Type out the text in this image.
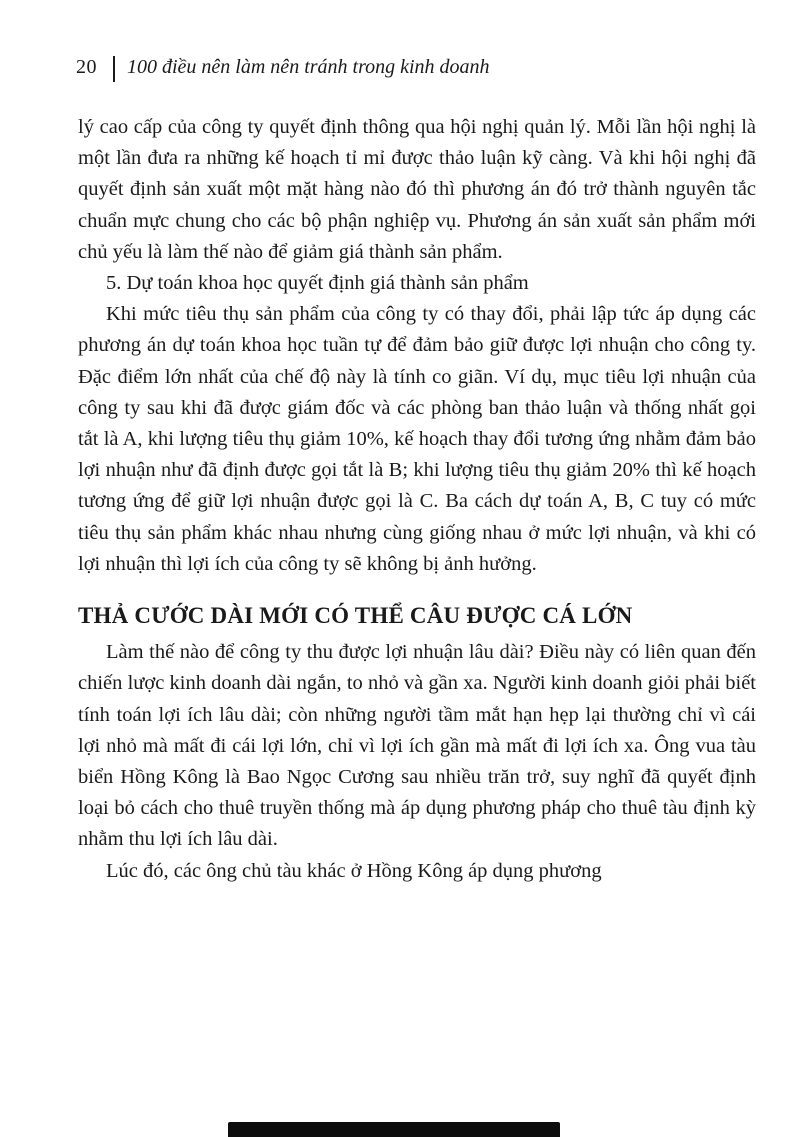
20 100 điều nên làm nên tránh trong kinh doanh

lý cao cấp của công ty quyết định thông qua hội nghị quản lý. Mỗi lần hội nghị là một lần đưa ra những kế hoạch tỉ mỉ được thảo luận kỹ càng. Và khi hội nghị đã quyết định sản xuất một mặt hàng nào đó thì phương án đó trở thành nguyên tắc chuẩn mực chung cho các bộ phận nghiệp vụ. Phương án sản xuất sản phẩm mới chủ yếu là làm thế nào để giảm giá thành sản phẩm.

5. Dự toán khoa học quyết định giá thành sản phẩm

Khi mức tiêu thụ sản phẩm của công ty có thay đổi, phải lập tức áp dụng các phương án dự toán khoa học tuần tự để đảm bảo giữ được lợi nhuận cho công ty. Đặc điểm lớn nhất của chế độ này là tính co giãn. Ví dụ, mục tiêu lợi nhuận của công ty sau khi đã được giám đốc và các phòng ban thảo luận và thống nhất gọi tắt là A, khi lượng tiêu thụ giảm 10%, kế hoạch thay đổi tương ứng nhằm đảm bảo lợi nhuận như đã định được gọi tắt là B; khi lượng tiêu thụ giảm 20% thì kế hoạch tương ứng để giữ lợi nhuận được gọi là C. Ba cách dự toán A, B, C tuy có mức tiêu thụ sản phẩm khác nhau nhưng cùng giống nhau ở mức lợi nhuận, và khi có lợi nhuận thì lợi ích của công ty sẽ không bị ảnh hưởng.

THẢ CƯỚC DÀI MỚI CÓ THỂ CÂU ĐƯỢC CÁ LỚN

Làm thế nào để công ty thu được lợi nhuận lâu dài? Điều này có liên quan đến chiến lược kinh doanh dài ngắn, to nhỏ và gần xa. Người kinh doanh giỏi phải biết tính toán lợi ích lâu dài; còn những người tầm mắt hạn hẹp lại thường chỉ vì cái lợi nhỏ mà mất đi cái lợi lớn, chỉ vì lợi ích gần mà mất đi lợi ích xa. Ông vua tàu biển Hồng Kông là Bao Ngọc Cương sau nhiều trăn trở, suy nghĩ đã quyết định loại bỏ cách cho thuê truyền thống mà áp dụng phương pháp cho thuê tàu định kỳ nhằm thu lợi ích lâu dài.

Lúc đó, các ông chủ tàu khác ở Hồng Kông áp dụng phương
